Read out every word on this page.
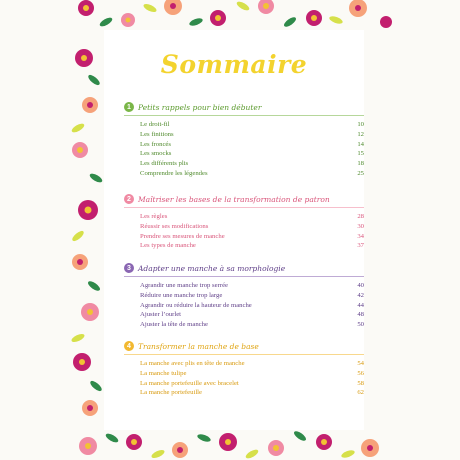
Sommaire
1 Petits rappels pour bien débuter
Le droit-fil	10
Les finitions	12
Les froncés	14
Les smocks	15
Les différents plis	18
Comprendre les légendes	25
2 Maîtriser les bases de la transformation de patron
Les règles	28
Réussir ses modifications	30
Prendre ses mesures de manche	34
Les types de manche	37
3 Adapter une manche à sa morphologie
Agrandir une manche trop serrée	40
Réduire une manche trop large	42
Agrandir ou réduire la hauteur de manche	44
Ajuster l’ourlet	48
Ajuster la tête de manche	50
4 Transformer la manche de base
La manche avec plis en tête de manche	54
La manche tulipe	56
La manche portefeuille avec bracelet	58
La manche portefeuille	62
